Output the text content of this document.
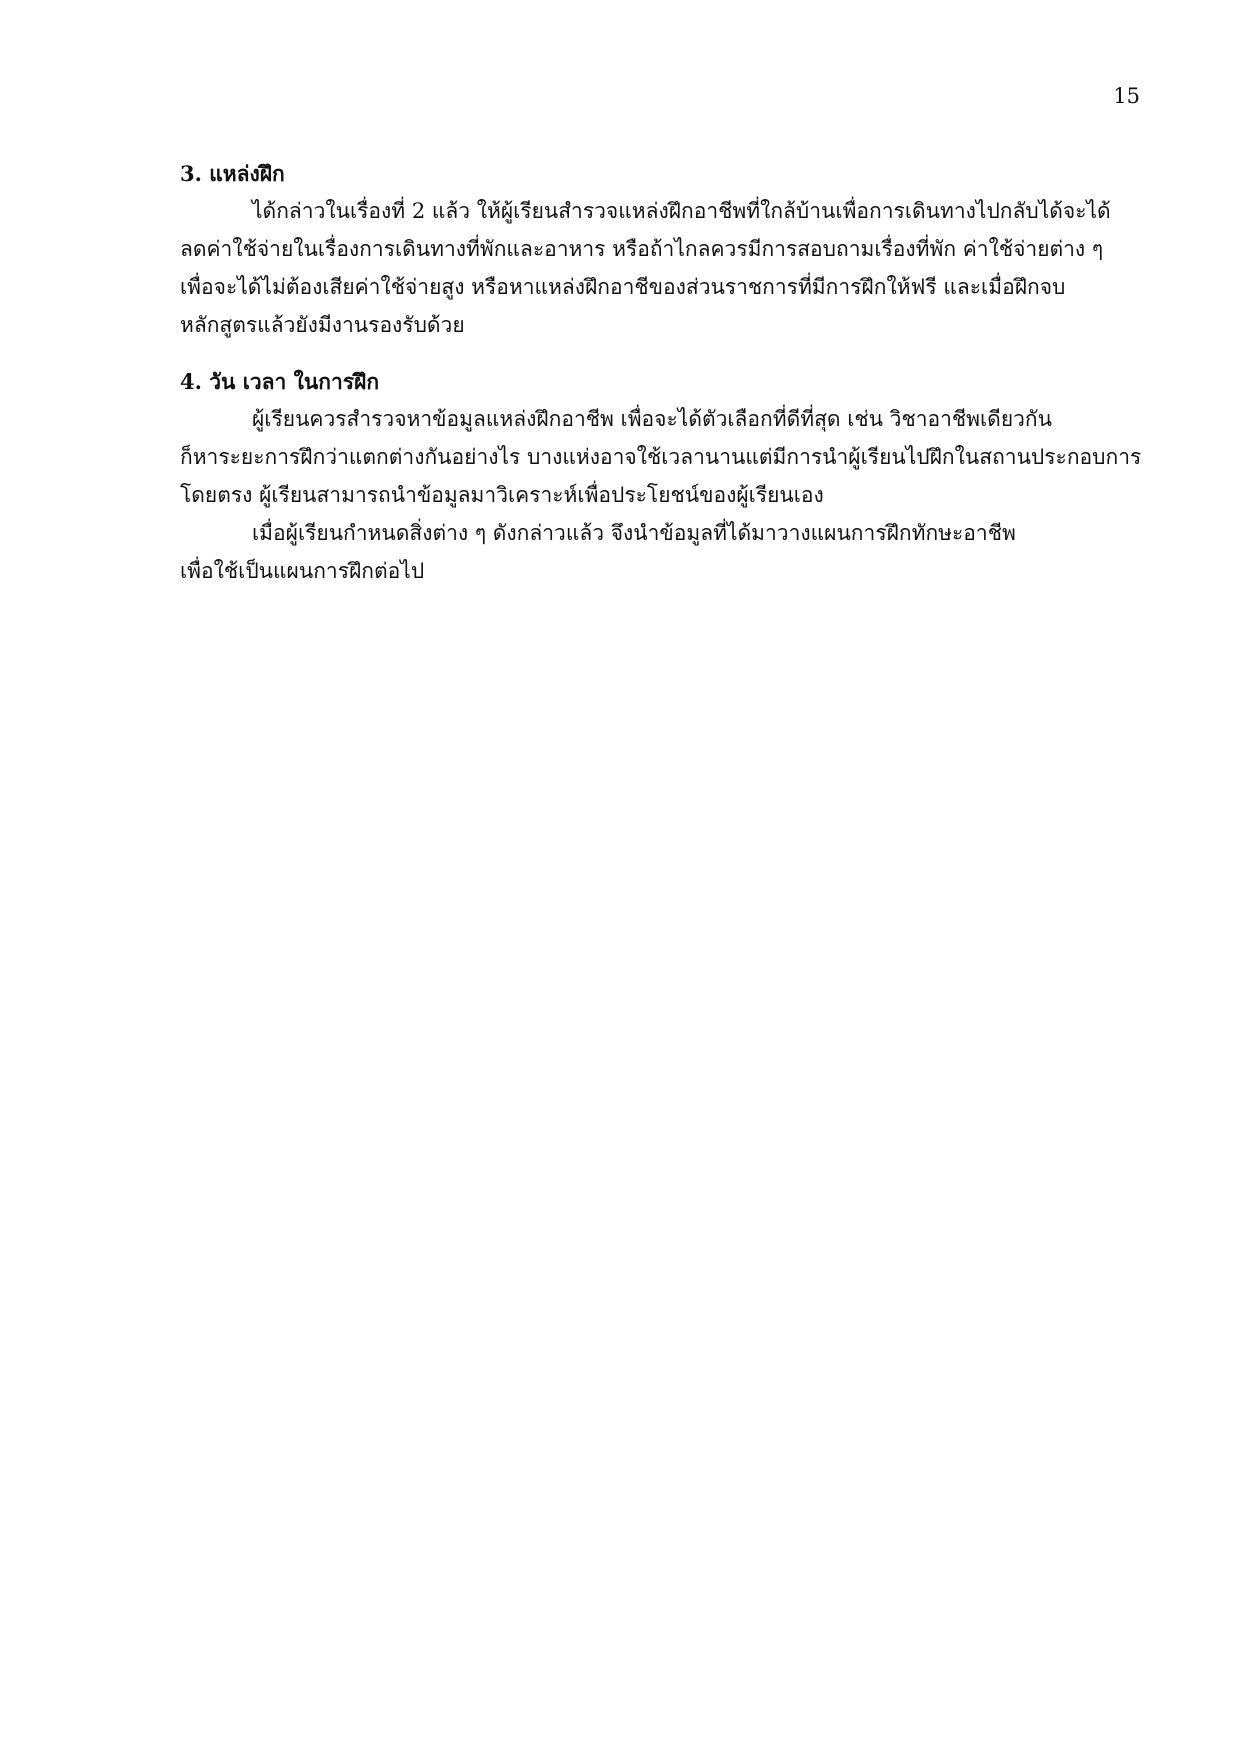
15
3. แหล่งฝึก

ได้กล่าวในเรื่องที่ 2 แล้ว ให้ผู้เรียนสำรวจแหล่งฝึกอาชีพที่ใกล้บ้านเพื่อการเดินทางไปกลับได้จะได้

ลดค่าใช้จ่ายในเรื่องการเดินทางที่พักและอาหาร หรือถ้าไกลควรมีการสอบถามเรื่องที่พัก ค่าใช้จ่ายต่าง ๆ

เพื่อจะได้ไม่ต้องเสียค่าใช้จ่ายสูง หรือหาแหล่งฝึกอาชีของส่วนราชการที่มีการฝึกให้ฟรี และเมื่อฝึกจบ

หลักสูตรแล้วยังมีงานรองรับด้วย

4. วัน เวลา ในการฝึก

ผู้เรียนควรสำรวจหาข้อมูลแหล่งฝึกอาชีพ เพื่อจะได้ตัวเลือกที่ดีที่สุด เช่น วิชาอาชีพเดียวกัน

ก็หาระยะการฝึกว่าแตกต่างกันอย่างไร บางแห่งอาจใช้เวลานานแต่มีการนำผู้เรียนไปฝึกในสถานประกอบการ

โดยตรง ผู้เรียนสามารถนำข้อมูลมาวิเคราะห์เพื่อประโยชน์ของผู้เรียนเอง

เมื่อผู้เรียนกำหนดสิ่งต่าง ๆ ดังกล่าวแล้ว จึงนำข้อมูลที่ได้มาวางแผนการฝึกทักษะอาชีพ

เพื่อใช้เป็นแผนการฝึกต่อไป
